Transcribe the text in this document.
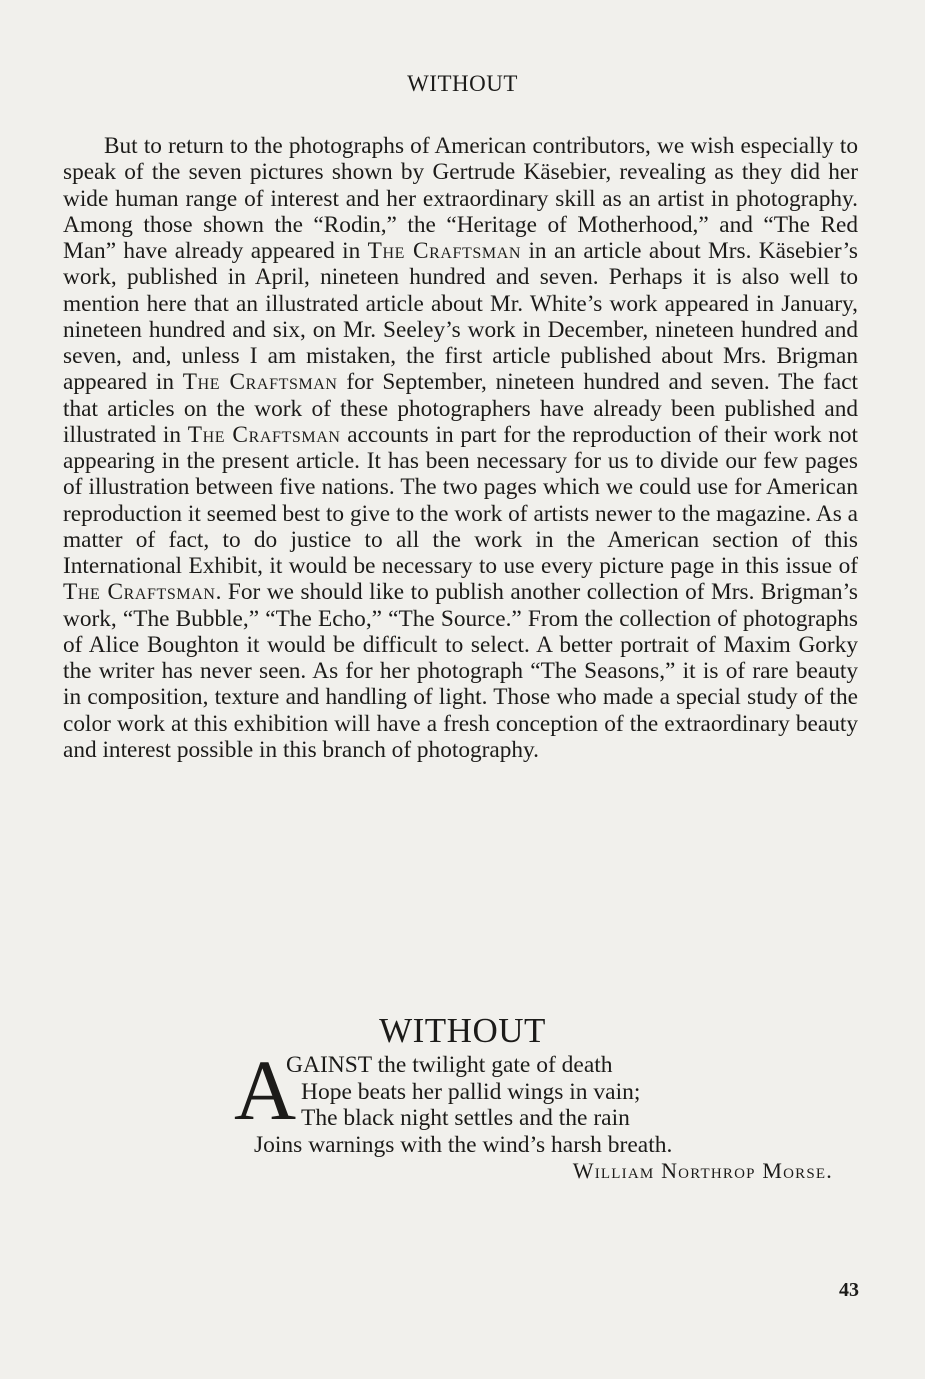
WITHOUT

But to return to the photographs of American contributors, we wish especially to speak of the seven pictures shown by Gertrude Käsebier, revealing as they did her wide human range of interest and her extraordinary skill as an artist in photography. Among those shown the “Rodin,” the “Heritage of Motherhood,” and “The Red Man” have already appeared in The Craftsman in an article about Mrs. Käsebier’s work, published in April, nineteen hundred and seven. Perhaps it is also well to mention here that an illustrated article about Mr. White’s work appeared in January, nineteen hundred and six, on Mr. Seeley’s work in December, nineteen hundred and seven, and, unless I am mistaken, the first article published about Mrs. Brigman appeared in The Craftsman for September, nineteen hundred and seven. The fact that articles on the work of these photographers have already been published and illustrated in The Craftsman accounts in part for the reproduction of their work not appearing in the present article. It has been necessary for us to divide our few pages of illustration between five nations. The two pages which we could use for American reproduction it seemed best to give to the work of artists newer to the magazine. As a matter of fact, to do justice to all the work in the American section of this International Exhibit, it would be necessary to use every picture page in this issue of The Craftsman. For we should like to publish another collection of Mrs. Brigman’s work, “The Bubble,” “The Echo,” “The Source.” From the collection of photographs of Alice Boughton it would be difficult to select. A better portrait of Maxim Gorky the writer has never seen. As for her photograph “The Seasons,” it is of rare beauty in composition, texture and handling of light. Those who made a special study of the color work at this exhibition will have a fresh conception of the extraordinary beauty and interest possible in this branch of photography.

WITHOUT
A
GAINST the twilight gate of death
Hope beats her pallid wings in vain;
The black night settles and the rain
Joins warnings with the wind’s harsh breath.
William Northrop Morse.
43
